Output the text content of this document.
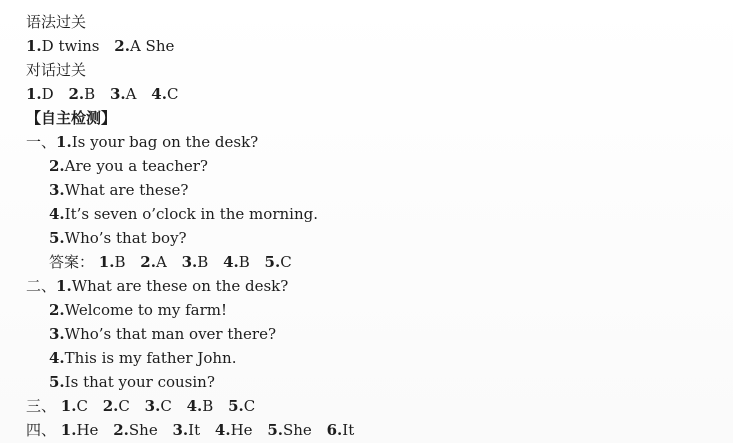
语法过关
1.D twins 2.A She
对话过关
1.D 2.B 3.A 4.C
【自主检测】
一、1.Is your bag on the desk?
2.Are you a teacher?
3.What are these?
4.It’s seven o’clock in the morning.
5.Who’s that boy?
答案： 1.B 2.A 3.B 4.B 5.C
二、1.What are these on the desk?
2.Welcome to my farm!
3.Who’s that man over there?
4.This is my father John.
5.Is that your cousin?
三、 1.C 2.C 3.C 4.B 5.C
四、 1.He 2.She 3.It 4.He 5.She 6.It
